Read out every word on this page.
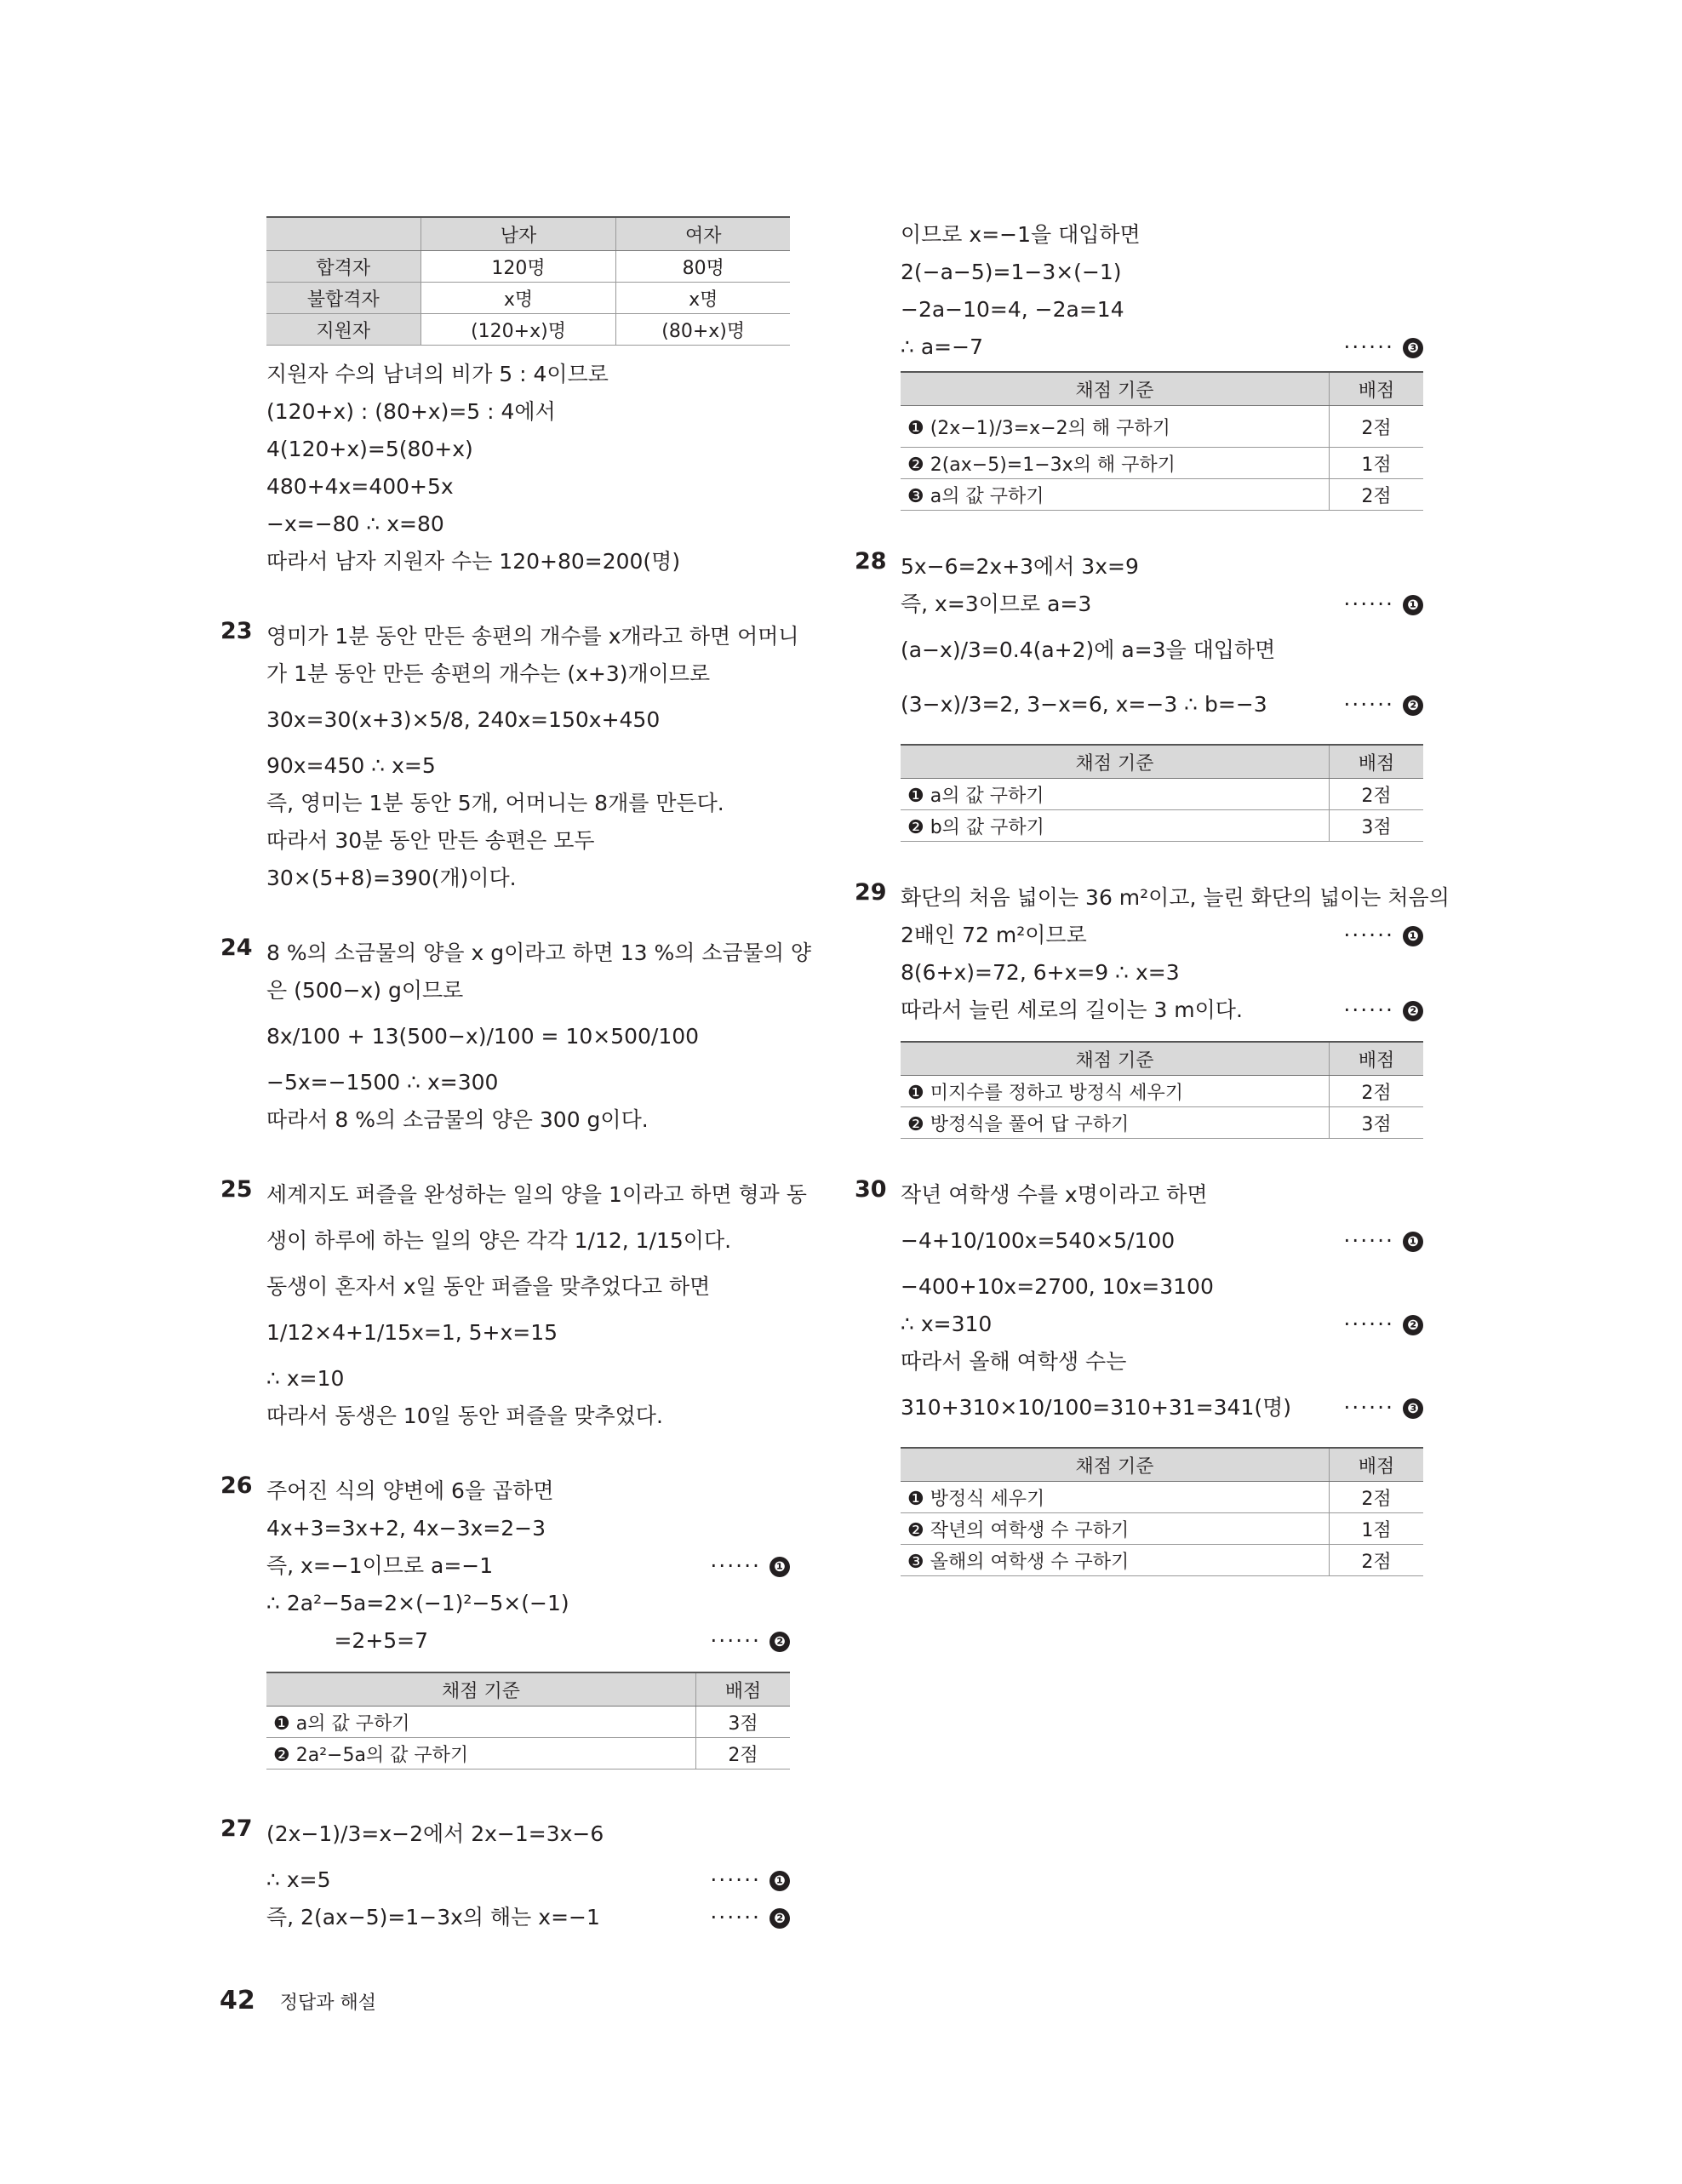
	남자	여자
합격자	120명	80명
불합격자	x명	x명
지원자	(120+x)명	(80+x)명
지원자 수의 남녀의 비가 5 : 4이므로
(120+x) : (80+x)=5 : 4에서
4(120+x)=5(80+x)
480+4x=400+5x
−x=−80 ∴ x=80
따라서 남자 지원자 수는 120+80=200(명)
23 영미가 1분 동안 만든 송편의 개수를 x개라고 하면 어머니
가 1분 동안 만든 송편의 개수는 (x+3)개이므로
30x=30(x+3)×5/8, 240x=150x+450
90x=450 ∴ x=5
즉, 영미는 1분 동안 5개, 어머니는 8개를 만든다.
따라서 30분 동안 만든 송편은 모두
30×(5+8)=390(개)이다.
24 8 %의 소금물의 양을 x g이라고 하면 13 %의 소금물의 양
은 (500−x) g이므로
8x/100 + 13(500−x)/100 = 10×500/100
−5x=−1500 ∴ x=300
따라서 8 %의 소금물의 양은 300 g이다.
25 세계지도 퍼즐을 완성하는 일의 양을 1이라고 하면 형과 동
생이 하루에 하는 일의 양은 각각 1/12, 1/15이다.
동생이 혼자서 x일 동안 퍼즐을 맞추었다고 하면
1/12×4+1/15x=1, 5+x=15
∴ x=10
따라서 동생은 10일 동안 퍼즐을 맞추었다.
26 주어진 식의 양변에 6을 곱하면
4x+3=3x+2, 4x−3x=2−3
즉, x=−1이므로 a=−1	······ ❶
∴ 2a²−5a=2×(−1)²−5×(−1)
=2+5=7	······ ❷
채점 기준	배점
❶ a의 값 구하기	3점
❷ 2a²−5a의 값 구하기	2점
27 (2x−1)/3=x−2에서 2x−1=3x−6
∴ x=5	······ ❶
즉, 2(ax−5)=1−3x의 해는 x=−1	······ ❷
이므로 x=−1을 대입하면
2(−a−5)=1−3×(−1)
−2a−10=4, −2a=14
∴ a=−7	······ ❸
채점 기준	배점
❶ (2x−1)/3=x−2의 해 구하기	2점
❷ 2(ax−5)=1−3x의 해 구하기	1점
❸ a의 값 구하기	2점
28 5x−6=2x+3에서 3x=9
즉, x=3이므로 a=3	······ ❶
(a−x)/3=0.4(a+2)에 a=3을 대입하면
(3−x)/3=2, 3−x=6, x=−3 ∴ b=−3	······ ❷
채점 기준	배점
❶ a의 값 구하기	2점
❷ b의 값 구하기	3점
29 화단의 처음 넓이는 36 m²이고, 늘린 화단의 넓이는 처음의
2배인 72 m²이므로	······ ❶
8(6+x)=72, 6+x=9 ∴ x=3
따라서 늘린 세로의 길이는 3 m이다.	······ ❷
채점 기준	배점
❶ 미지수를 정하고 방정식 세우기	2점
❷ 방정식을 풀어 답 구하기	3점
30 작년 여학생 수를 x명이라고 하면
−4+10/100x=540×5/100	······ ❶
−400+10x=2700, 10x=3100
∴ x=310	······ ❷
따라서 올해 여학생 수는
310+310×10/100=310+31=341(명) ······ ❸
채점 기준	배점
❶ 방정식 세우기	2점
❷ 작년의 여학생 수 구하기	1점
❸ 올해의 여학생 수 구하기	2점
42 정답과 해설
